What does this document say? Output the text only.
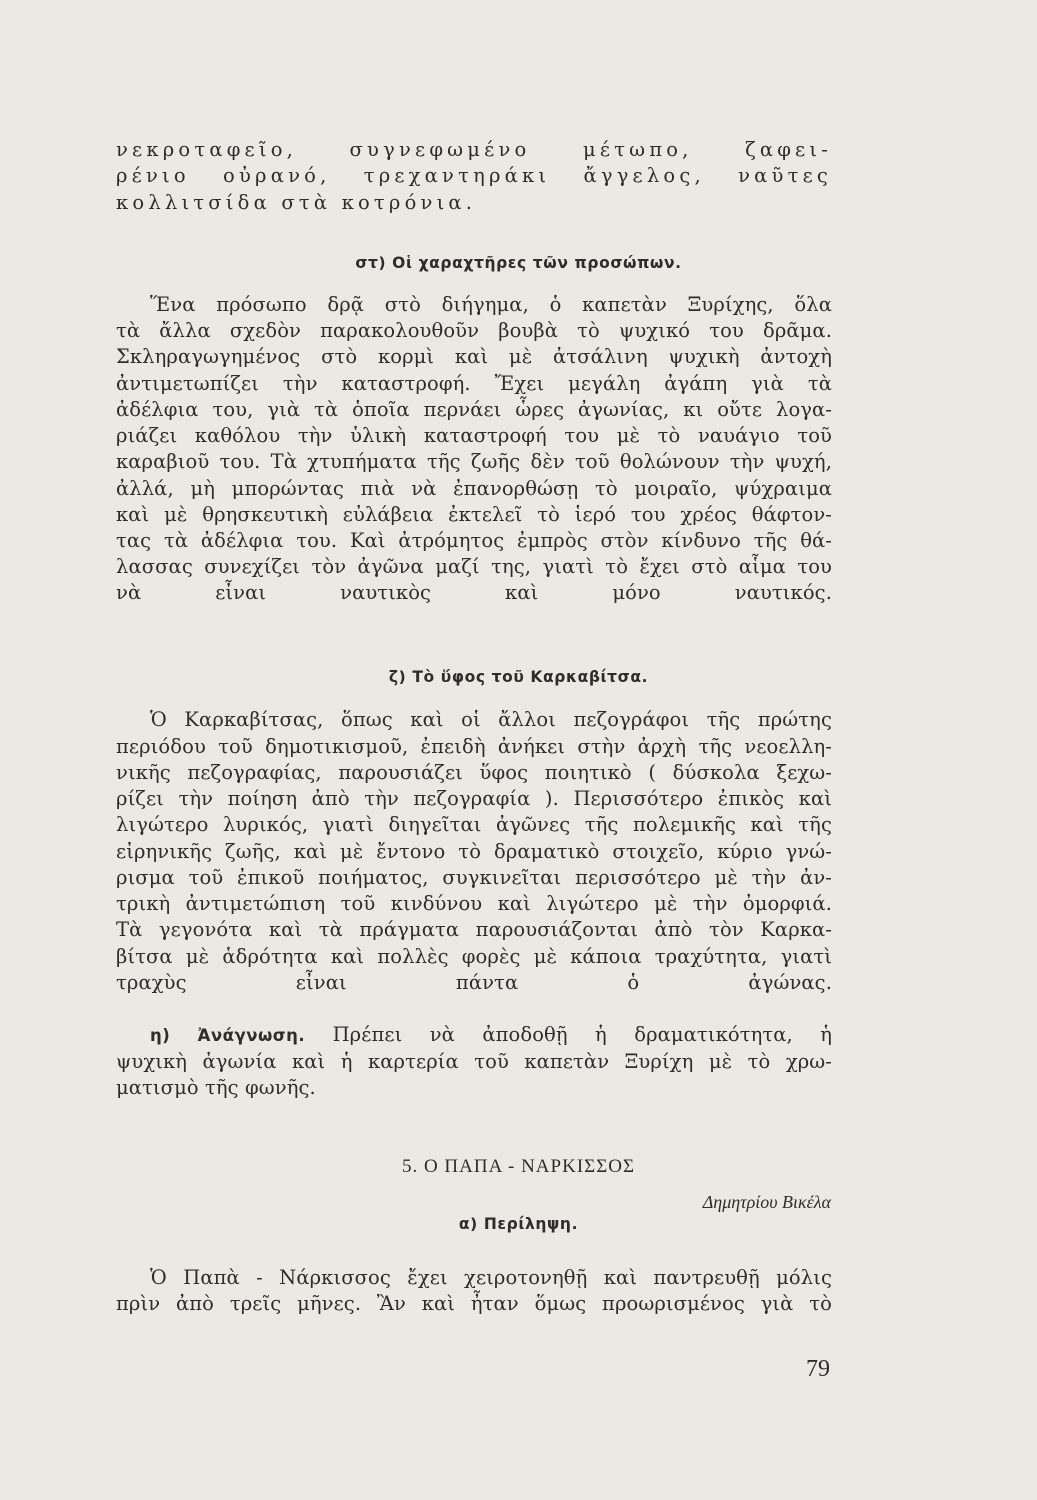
νεκροταφεῖο, συγνεφωμένο μέτωπο, ζαφει-
ρένιο οὐρανό, τρεχαντηράκι ἄγγελος, ναῦτες
κολλιτσίδα στὰ κοτρόνια.
στ) Οἱ χαραχτῆρες τῶν προσώπων.
Ἕνα πρόσωπο δρᾷ στὸ διήγημα, ὁ καπετὰν Ξυρίχης, ὅλα
τὰ ἄλλα σχεδὸν παρακολουθοῦν βουβὰ τὸ ψυχικό του δρᾶμα.
Σκληραγωγημένος στὸ κορμὶ καὶ μὲ ἀτσάλινη ψυχικὴ ἀντοχὴ
ἀντιμετωπίζει τὴν καταστροφή. Ἔχει μεγάλη ἀγάπη γιὰ τὰ
ἀδέλφια του, γιὰ τὰ ὁποῖα περνάει ὧρες ἀγωνίας, κι οὔτε λογα-
ριάζει καθόλου τὴν ὑλικὴ καταστροφή του μὲ τὸ ναυάγιο τοῦ
καραβιοῦ του. Τὰ χτυπήματα τῆς ζωῆς δὲν τοῦ θολώνουν τὴν ψυχή,
ἀλλά, μὴ μπορώντας πιὰ νὰ ἐπανορθώσῃ τὸ μοιραῖο, ψύχραιμα
καὶ μὲ θρησκευτικὴ εὐλάβεια ἐκτελεῖ τὸ ἱερό του χρέος θάφτον-
τας τὰ ἀδέλφια του. Καὶ ἀτρόμητος ἐμπρὸς στὸν κίνδυνο τῆς θά-
λασσας συνεχίζει τὸν ἀγῶνα μαζί της, γιατὶ τὸ ἔχει στὸ αἷμα του
νὰ εἶναι ναυτικὸς καὶ μόνο ναυτικός.
ζ) Τὸ ὕφος τοῦ Καρκαβίτσα.
Ὁ Καρκαβίτσας, ὅπως καὶ οἱ ἄλλοι πεζογράφοι τῆς πρώτης
περιόδου τοῦ δημοτικισμοῦ, ἐπειδὴ ἀνήκει στὴν ἀρχὴ τῆς νεοελλη-
νικῆς πεζογραφίας, παρουσιάζει ὕφος ποιητικὸ ( δύσκολα ξεχω-
ρίζει τὴν ποίηση ἀπὸ τὴν πεζογραφία ). Περισσότερο ἐπικὸς καὶ
λιγώτερο λυρικός, γιατὶ διηγεῖται ἀγῶνες τῆς πολεμικῆς καὶ τῆς
εἰρηνικῆς ζωῆς, καὶ μὲ ἔντονο τὸ δραματικὸ στοιχεῖο, κύριο γνώ-
ρισμα τοῦ ἐπικοῦ ποιήματος, συγκινεῖται περισσότερο μὲ τὴν ἀν-
τρικὴ ἀντιμετώπιση τοῦ κινδύνου καὶ λιγώτερο μὲ τὴν ὀμορφιά.
Τὰ γεγονότα καὶ τὰ πράγματα παρουσιάζονται ἀπὸ τὸν Καρκα-
βίτσα μὲ ἁδρότητα καὶ πολλὲς φορὲς μὲ κάποια τραχύτητα, γιατὶ
τραχὺς εἶναι πάντα ὁ ἀγώνας.
η) Ἀνάγνωση. Πρέπει νὰ ἀποδοθῇ ἡ δραματικότητα, ἡ
ψυχικὴ ἀγωνία καὶ ἡ καρτερία τοῦ καπετὰν Ξυρίχη μὲ τὸ χρω-
ματισμὸ τῆς φωνῆς.
5. Ο ΠΑΠΑ - ΝΑΡΚΙΣΣΟΣ
Δημητρίου Βικέλα
α) Περίληψη.
Ὁ Παπὰ - Νάρκισσος ἔχει χειροτονηθῇ καὶ παντρευθῇ μόλις
πρὶν ἀπὸ τρεῖς μῆνες. Ἂν καὶ ἦταν ὅμως προωρισμένος γιὰ τὸ
79
